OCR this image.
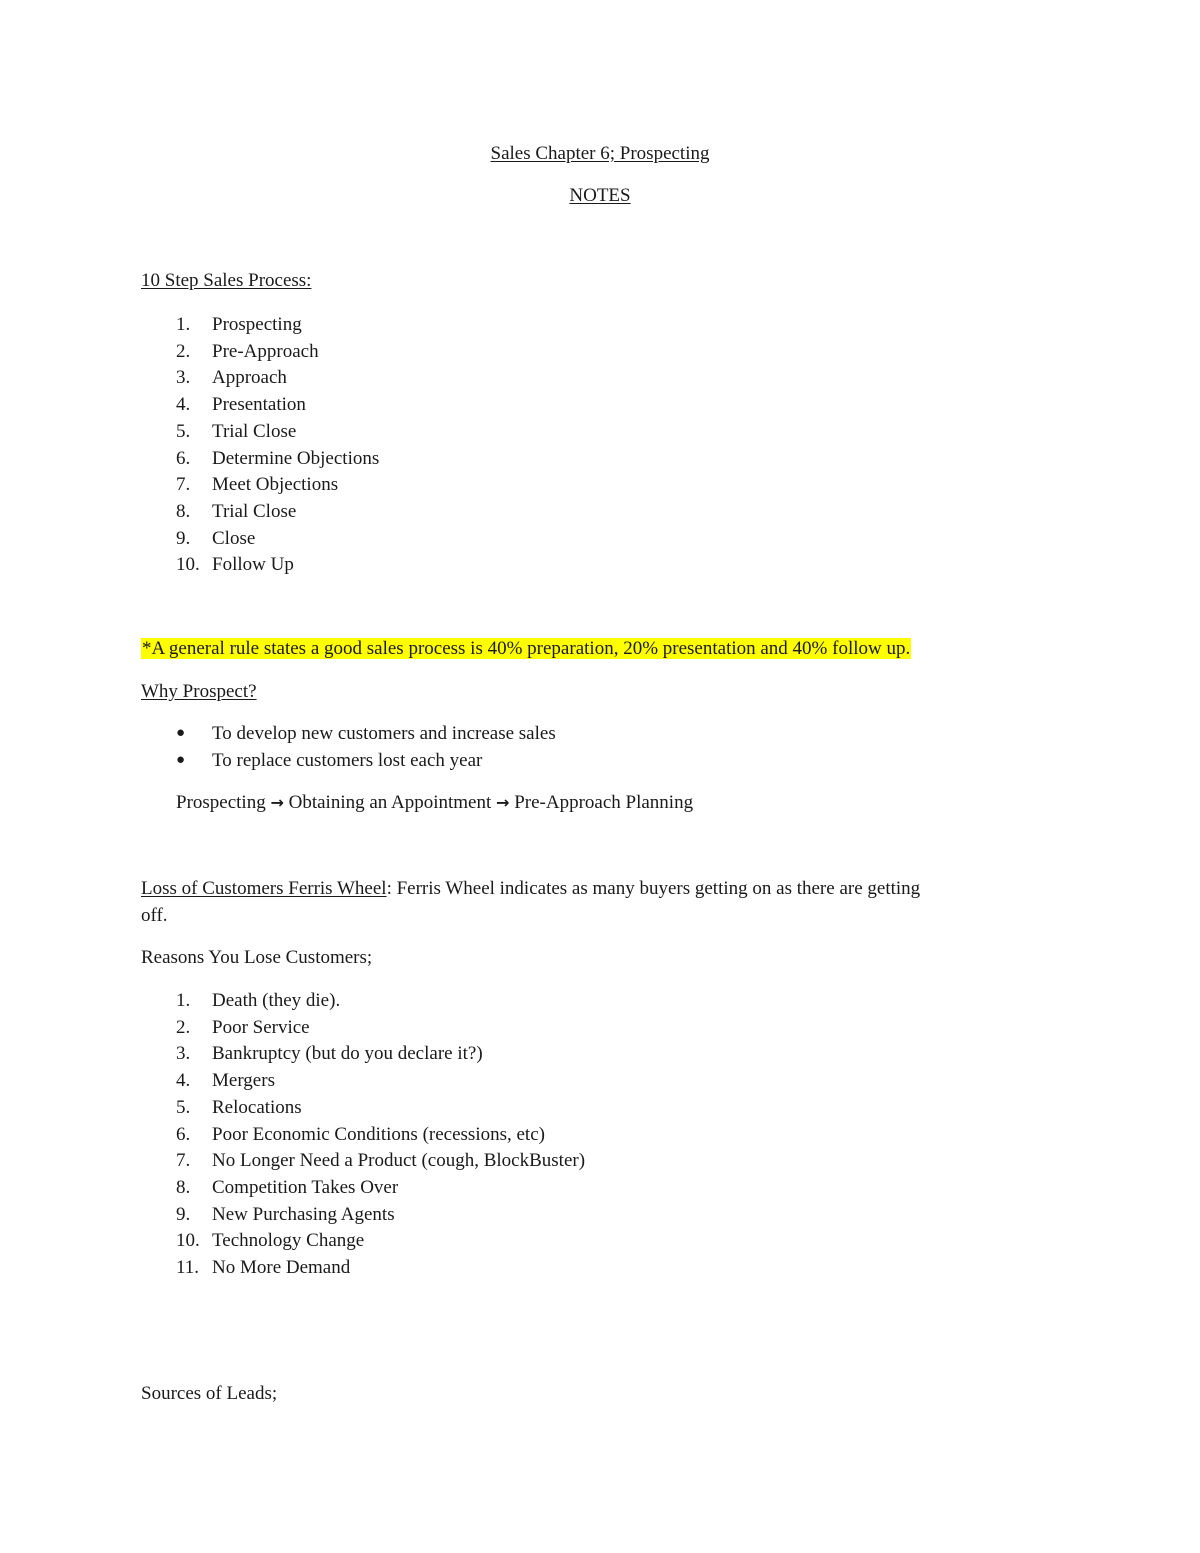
Sales Chapter 6; Prospecting
NOTES
10 Step Sales Process:
1. Prospecting
2. Pre-Approach
3. Approach
4. Presentation
5. Trial Close
6. Determine Objections
7. Meet Objections
8. Trial Close
9. Close
10. Follow Up
*A general rule states a good sales process is 40% preparation, 20% presentation and 40% follow up.
Why Prospect?
● To develop new customers and increase sales
● To replace customers lost each year
Prospecting → Obtaining an Appointment → Pre-Approach Planning
Loss of Customers Ferris Wheel: Ferris Wheel indicates as many buyers getting on as there are getting
off.
Reasons You Lose Customers;
1. Death (they die).
2. Poor Service
3. Bankruptcy (but do you declare it?)
4. Mergers
5. Relocations
6. Poor Economic Conditions (recessions, etc)
7. No Longer Need a Product (cough, BlockBuster)
8. Competition Takes Over
9. New Purchasing Agents
10. Technology Change
11. No More Demand
Sources of Leads;
